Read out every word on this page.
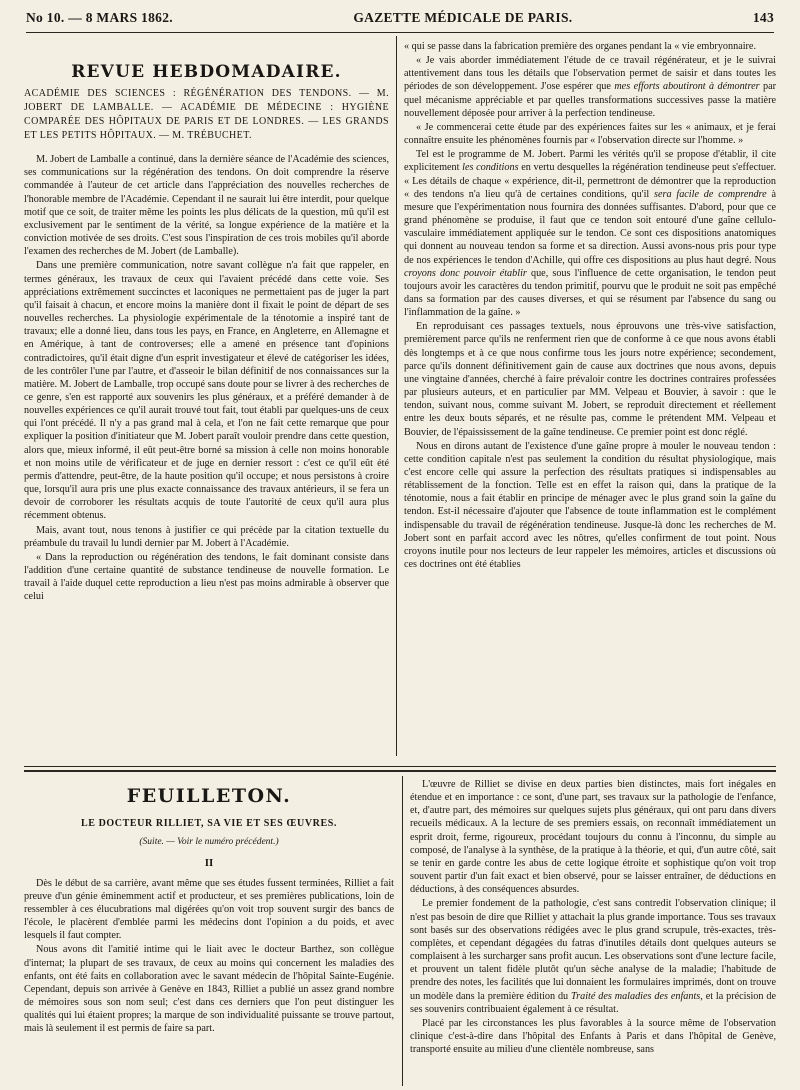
No 10. — 8 MARS 1862.	GAZETTE MÉDICALE DE PARIS.	143
REVUE HEBDOMADAIRE.
ACADÉMIE DES SCIENCES : RÉGÉNÉRATION DES TENDONS. — M. JOBERT DE LAMBALLE. — ACADÉMIE DE MÉDECINE : HYGIÈNE COMPARÉE DES HÔPITAUX DE PARIS ET DE LONDRES. — LES GRANDS ET LES PETITS HÔPITAUX. — M. TRÉBUCHET.

M. Jobert de Lamballe a continué, dans la dernière séance de l'Académie des sciences, ses communications sur la régénération des tendons. On doit comprendre la réserve commandée à l'auteur de cet article dans l'appréciation des nouvelles recherches de l'honorable membre de l'Académie. Cependant il ne saurait lui être interdit, pour quelque motif que ce soit, de traiter même les points les plus délicats de la question, mû qu'il est exclusivement par le sentiment de la vérité, sa longue expérience de la matière et la conviction motivée de ses droits. C'est sous l'inspiration de ces trois mobiles qu'il aborde l'examen des recherches de M. Jobert (de Lamballe).

Dans une première communication, notre savant collègue n'a fait que rappeler, en termes généraux, les travaux de ceux qui l'avaient précédé dans cette voie. Ses appréciations extrêmement succinctes et laconiques ne permettaient pas de juger la part qu'il faisait à chacun, et encore moins la manière dont il fixait le point de départ de ses nouvelles recherches. La physiologie expérimentale de la ténotomie a inspiré tant de travaux; elle a donné lieu, dans tous les pays, en France, en Angleterre, en Allemagne et en Amérique, à tant de controverses; elle a amené en présence tant d'opinions contradictoires, qu'il était digne d'un esprit investigateur et élevé de catégoriser les idées, de les contrôler l'une par l'autre, et d'asseoir le bilan définitif de nos connaissances sur la matière. M. Jobert de Lamballe, trop occupé sans doute pour se livrer à des recherches de ce genre, s'en est rapporté aux souvenirs les plus généraux, et a préféré demander à de nouvelles expériences ce qu'il aurait trouvé tout fait, tout établi par quelques-uns de ceux qui l'ont précédé. Il n'y a pas grand mal à cela, et l'on ne fait cette remarque que pour expliquer la position d'initiateur que M. Jobert paraît vouloir prendre dans cette question, alors que, mieux informé, il eût peut-être borné sa mission à celle non moins honorable et non moins utile de vérificateur et de juge en dernier ressort : c'est ce qu'il eût été permis d'attendre, peut-être, de la haute position qu'il occupe; et nous persistons à croire que, lorsqu'il aura pris une plus exacte connaissance des travaux antérieurs, il se fera un devoir de corroborer les résultats acquis de toute l'autorité de ceux qu'il aura plus récemment obtenus.

Mais, avant tout, nous tenons à justifier ce qui précède par la citation textuelle du préambule du travail lu lundi dernier par M. Jobert à l'Académie.

« Dans la reproduction ou régénération des tendons, le fait dominant consiste dans l'addition d'une certaine quantité de substance tendineuse de nouvelle formation. Le travail à l'aide duquel cette reproduction a lieu n'est pas moins admirable à observer que celui

« qui se passe dans la fabrication première des organes pendant la « vie embryonnaire.

« Je vais aborder immédiatement l'étude de ce travail régénérateur, et je le suivrai attentivement dans tous les détails que l'observation permet de saisir et dans toutes les périodes de son développement. J'ose espérer que mes efforts aboutiront à démontrer par quel mécanisme appréciable et par quelles transformations successives passe la matière nouvellement déposée pour arriver à la perfection tendineuse.

« Je commencerai cette étude par des expériences faites sur les « animaux, et je ferai connaître ensuite les phénomènes fournis par « l'observation directe sur l'homme. »

Tel est le programme de M. Jobert. Parmi les vérités qu'il se propose d'établir, il cite explicitement les conditions en vertu desquelles la régénération tendineuse peut s'effectuer. « Les détails de chaque « expérience, dit-il, permettront de démontrer que la reproduction « des tendons n'a lieu qu'à de certaines conditions, qu'il sera facile de comprendre à mesure que l'expérimentation nous fournira des données suffisantes. D'abord, pour que ce grand phénomène se produise, il faut que ce tendon soit entouré d'une gaîne cellulo-vasculaire immédiatement appliquée sur le tendon. Ce sont ces dispositions anatomiques qui donnent au nouveau tendon sa forme et sa direction. Aussi avons-nous pris pour type de nos expériences le tendon d'Achille, qui offre ces dispositions au plus haut degré. Nous croyons donc pouvoir établir que, sous l'influence de cette organisation, le tendon peut toujours avoir les caractères du tendon primitif, pourvu que le produit ne soit pas empêché dans sa formation par des causes diverses, et qui se résument par l'absence du sang ou l'inflammation de la gaîne. »

En reproduisant ces passages textuels, nous éprouvons une très-vive satisfaction, premièrement parce qu'ils ne renferment rien que de conforme à ce que nous avons établi dès longtemps et à ce que nous confirme tous les jours notre expérience; secondement, parce qu'ils donnent définitivement gain de cause aux doctrines que nous avons, depuis une vingtaine d'années, cherché à faire prévaloir contre les doctrines contraires professées par plusieurs auteurs, et en particulier par MM. Velpeau et Bouvier, à savoir : que le tendon, suivant nous, comme suivant M. Jobert, se reproduit directement et réellement entre les deux bouts séparés, et ne résulte pas, comme le prétendent MM. Velpeau et Bouvier, de l'épaississement de la gaîne tendineuse. Ce premier point est donc réglé.

Nous en dirons autant de l'existence d'une gaîne propre à mouler le nouveau tendon : cette condition capitale n'est pas seulement la condition du résultat physiologique, mais c'est encore celle qui assure la perfection des résultats pratiques si indispensables au rétablissement de la fonction. Telle est en effet la raison qui, dans la pratique de la ténotomie, nous a fait établir en principe de ménager avec le plus grand soin la gaîne du tendon. Est-il nécessaire d'ajouter que l'absence de toute inflammation est le complément indispensable du travail de régénération tendineuse. Jusque-là donc les recherches de M. Jobert sont en parfait accord avec les nôtres, qu'elles confirment de tout point. Nous croyons inutile pour nos lecteurs de leur rappeler les mémoires, articles et discussions où ces doctrines ont été établies

FEUILLETON.
LE DOCTEUR RILLIET, SA VIE ET SES ŒUVRES.
(Suite. — Voir le numéro précédent.)
II

Dès le début de sa carrière, avant même que ses études fussent terminées, Rilliet a fait preuve d'un génie éminemment actif et producteur, et ses premières publications, loin de ressembler à ces élucubrations mal digérées qu'on voit trop souvent surgir des bancs de l'école, le placèrent d'emblée parmi les médecins dont l'opinion a du poids, et avec lesquels il faut compter.

Nous avons dit l'amitié intime qui le liait avec le docteur Barthez, son collègue d'internat; la plupart de ses travaux, de ceux au moins qui concernent les maladies des enfants, ont été faits en collaboration avec le savant médecin de l'hôpital Sainte-Eugénie. Cependant, depuis son arrivée à Genève en 1843, Rilliet a publié un assez grand nombre de mémoires sous son nom seul; c'est dans ces derniers que l'on peut distinguer les qualités qui lui étaient propres; la marque de son individualité puissante se trouve partout, mais là seulement il est permis de faire sa part.

L'œuvre de Rilliet se divise en deux parties bien distinctes, mais fort inégales en étendue et en importance : ce sont, d'une part, ses travaux sur la pathologie de l'enfance, et, d'autre part, des mémoires sur quelques sujets plus généraux, qui ont paru dans divers recueils médicaux. A la lecture de ses premiers essais, on reconnaît immédiatement un esprit droit, ferme, rigoureux, procédant toujours du connu à l'inconnu, du simple au composé, de l'analyse à la synthèse, de la pratique à la théorie, et qui, d'un autre côté, sait se tenir en garde contre les abus de cette logique étroite et sophistique qu'on voit trop souvent partir d'un fait exact et bien observé, pour se laisser entraîner, de déductions en déductions, à des conséquences absurdes.

Le premier fondement de la pathologie, c'est sans contredit l'observation clinique; il n'est pas besoin de dire que Rilliet y attachait la plus grande importance. Tous ses travaux sont basés sur des observations rédigées avec le plus grand scrupule, très-exactes, très-complètes, et cependant dégagées du fatras d'inutiles détails dont quelques auteurs se complaisent à les surcharger sans profit aucun. Les observations sont d'une lecture facile, et prouvent un talent fidèle plutôt qu'un sèche analyse de la maladie; l'habitude de prendre des notes, les facilités que lui donnaient les formulaires imprimés, dont on trouve un modèle dans la première édition du Traité des maladies des enfants, et la précision de ses souvenirs contribuaient également à ce résultat.

Placé par les circonstances les plus favorables à la source même de l'observation clinique c'est-à-dire dans l'hôpital des Enfants à Paris et dans l'hôpital de Genève, transporté ensuite au milieu d'une clientèle nombreuse, sans
